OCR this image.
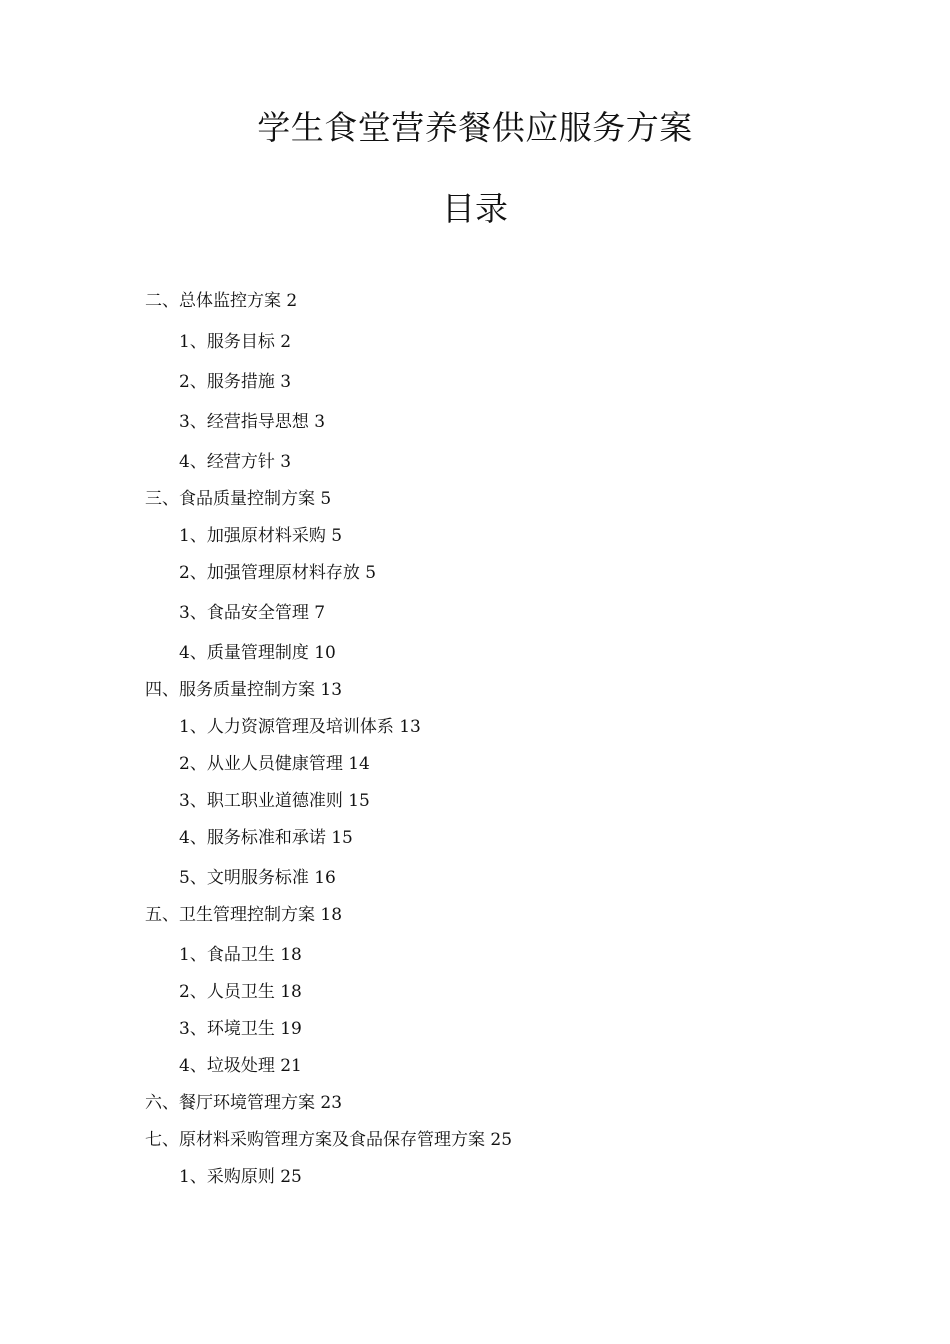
学生食堂营养餐供应服务方案
目录
二、总体监控方案 2
1、服务目标 2
2、服务措施 3
3、经营指导思想 3
4、经营方针 3
三、食品质量控制方案 5
1、加强原材料采购 5
2、加强管理原材料存放 5
3、食品安全管理 7
4、质量管理制度 10
四、服务质量控制方案 13
1、人力资源管理及培训体系 13
2、从业人员健康管理 14
3、职工职业道德准则 15
4、服务标准和承诺 15
5、文明服务标准 16
五、卫生管理控制方案 18
1、食品卫生 18
2、人员卫生 18
3、环境卫生 19
4、垃圾处理 21
六、餐厅环境管理方案 23
七、原材料采购管理方案及食品保存管理方案 25
1、采购原则 25
